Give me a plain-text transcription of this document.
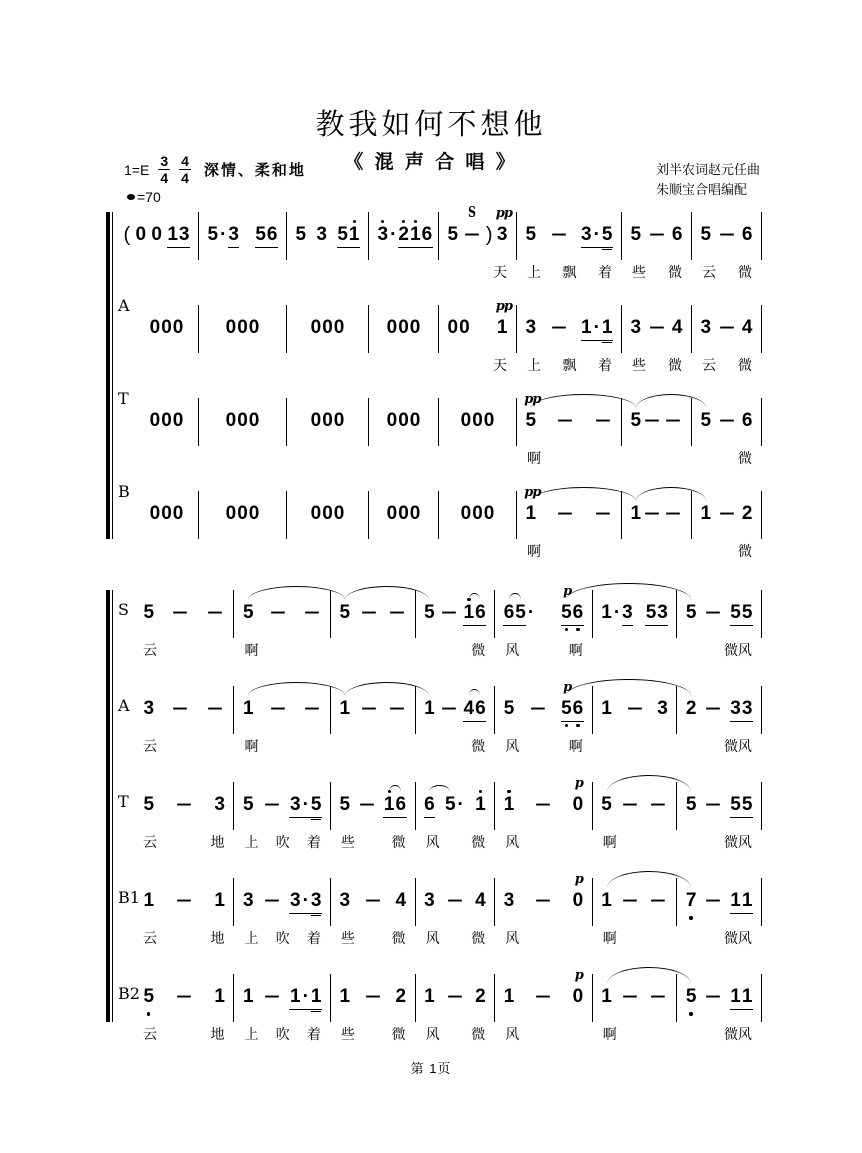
教我如何不想他
《 混 声 合 唱 》
$1=E \frac{3}{4} \frac{4}{4}$ 深情、柔和地
=70
刘半农词赵元任曲
朱顺宝合唱编配
( 0 0 1 3 5 · 3 5 6 5 3 5 1 3 · 2 1 6 5 —
S
) 3
pp
5 — 3 · 5 5 — 6 5 — 6
天 上 飘 着 些 微 云 微
A
0 0 0 0 0 0	0 0 0 0 0 0 0 0 1
pp
3 — 1 · 1 3 — 4 3 — 4
天 上 飘 着 些 微 云 微
T
0 0 0 0 0 0	0 0 0 0 0 0 0 0 0 5
pp
— — 5 — — 5 — 6
啊	微
B
0 0 0 0 0 0	0 0 0 0 0 0 0 0 0 1
pp
— — 1 — — 1 — 2
啊	微
S 5 — — 5 — — 5 — — 5 — 1 6 6 5 · 5
p
6 1 · 3 5 3 5 — 5 5
云	啊	微 风	啊	微风
A 3 — — 1 — — 1 — — 1 — 4 6 5 — 5
p
6 1 — 3 2 — 3 3
云	啊	微 风	啊	微风
T 5 — 3 5 — 3 · 5 5 — 1 6 6 5 · 1 1 — 0
p
5 — — 5 — 5 5
云	地 上 吹 着 些	微 风 微 风	啊	微风
B1 1 — 1 3 — 3 · 3 3 — 4 3 — 4 3 — 0
p
1 — — 7 — 1 1
云	地 上 吹 着 些	微 风 微 风	啊	微风
B2 5 — 1 1 — 1 · 1 1 — 2 1 — 2 1 — 0
p
1 — — 5 — 1 1
云	地 上 吹 着 些	微 风 微 风	啊	微风
第 1页
